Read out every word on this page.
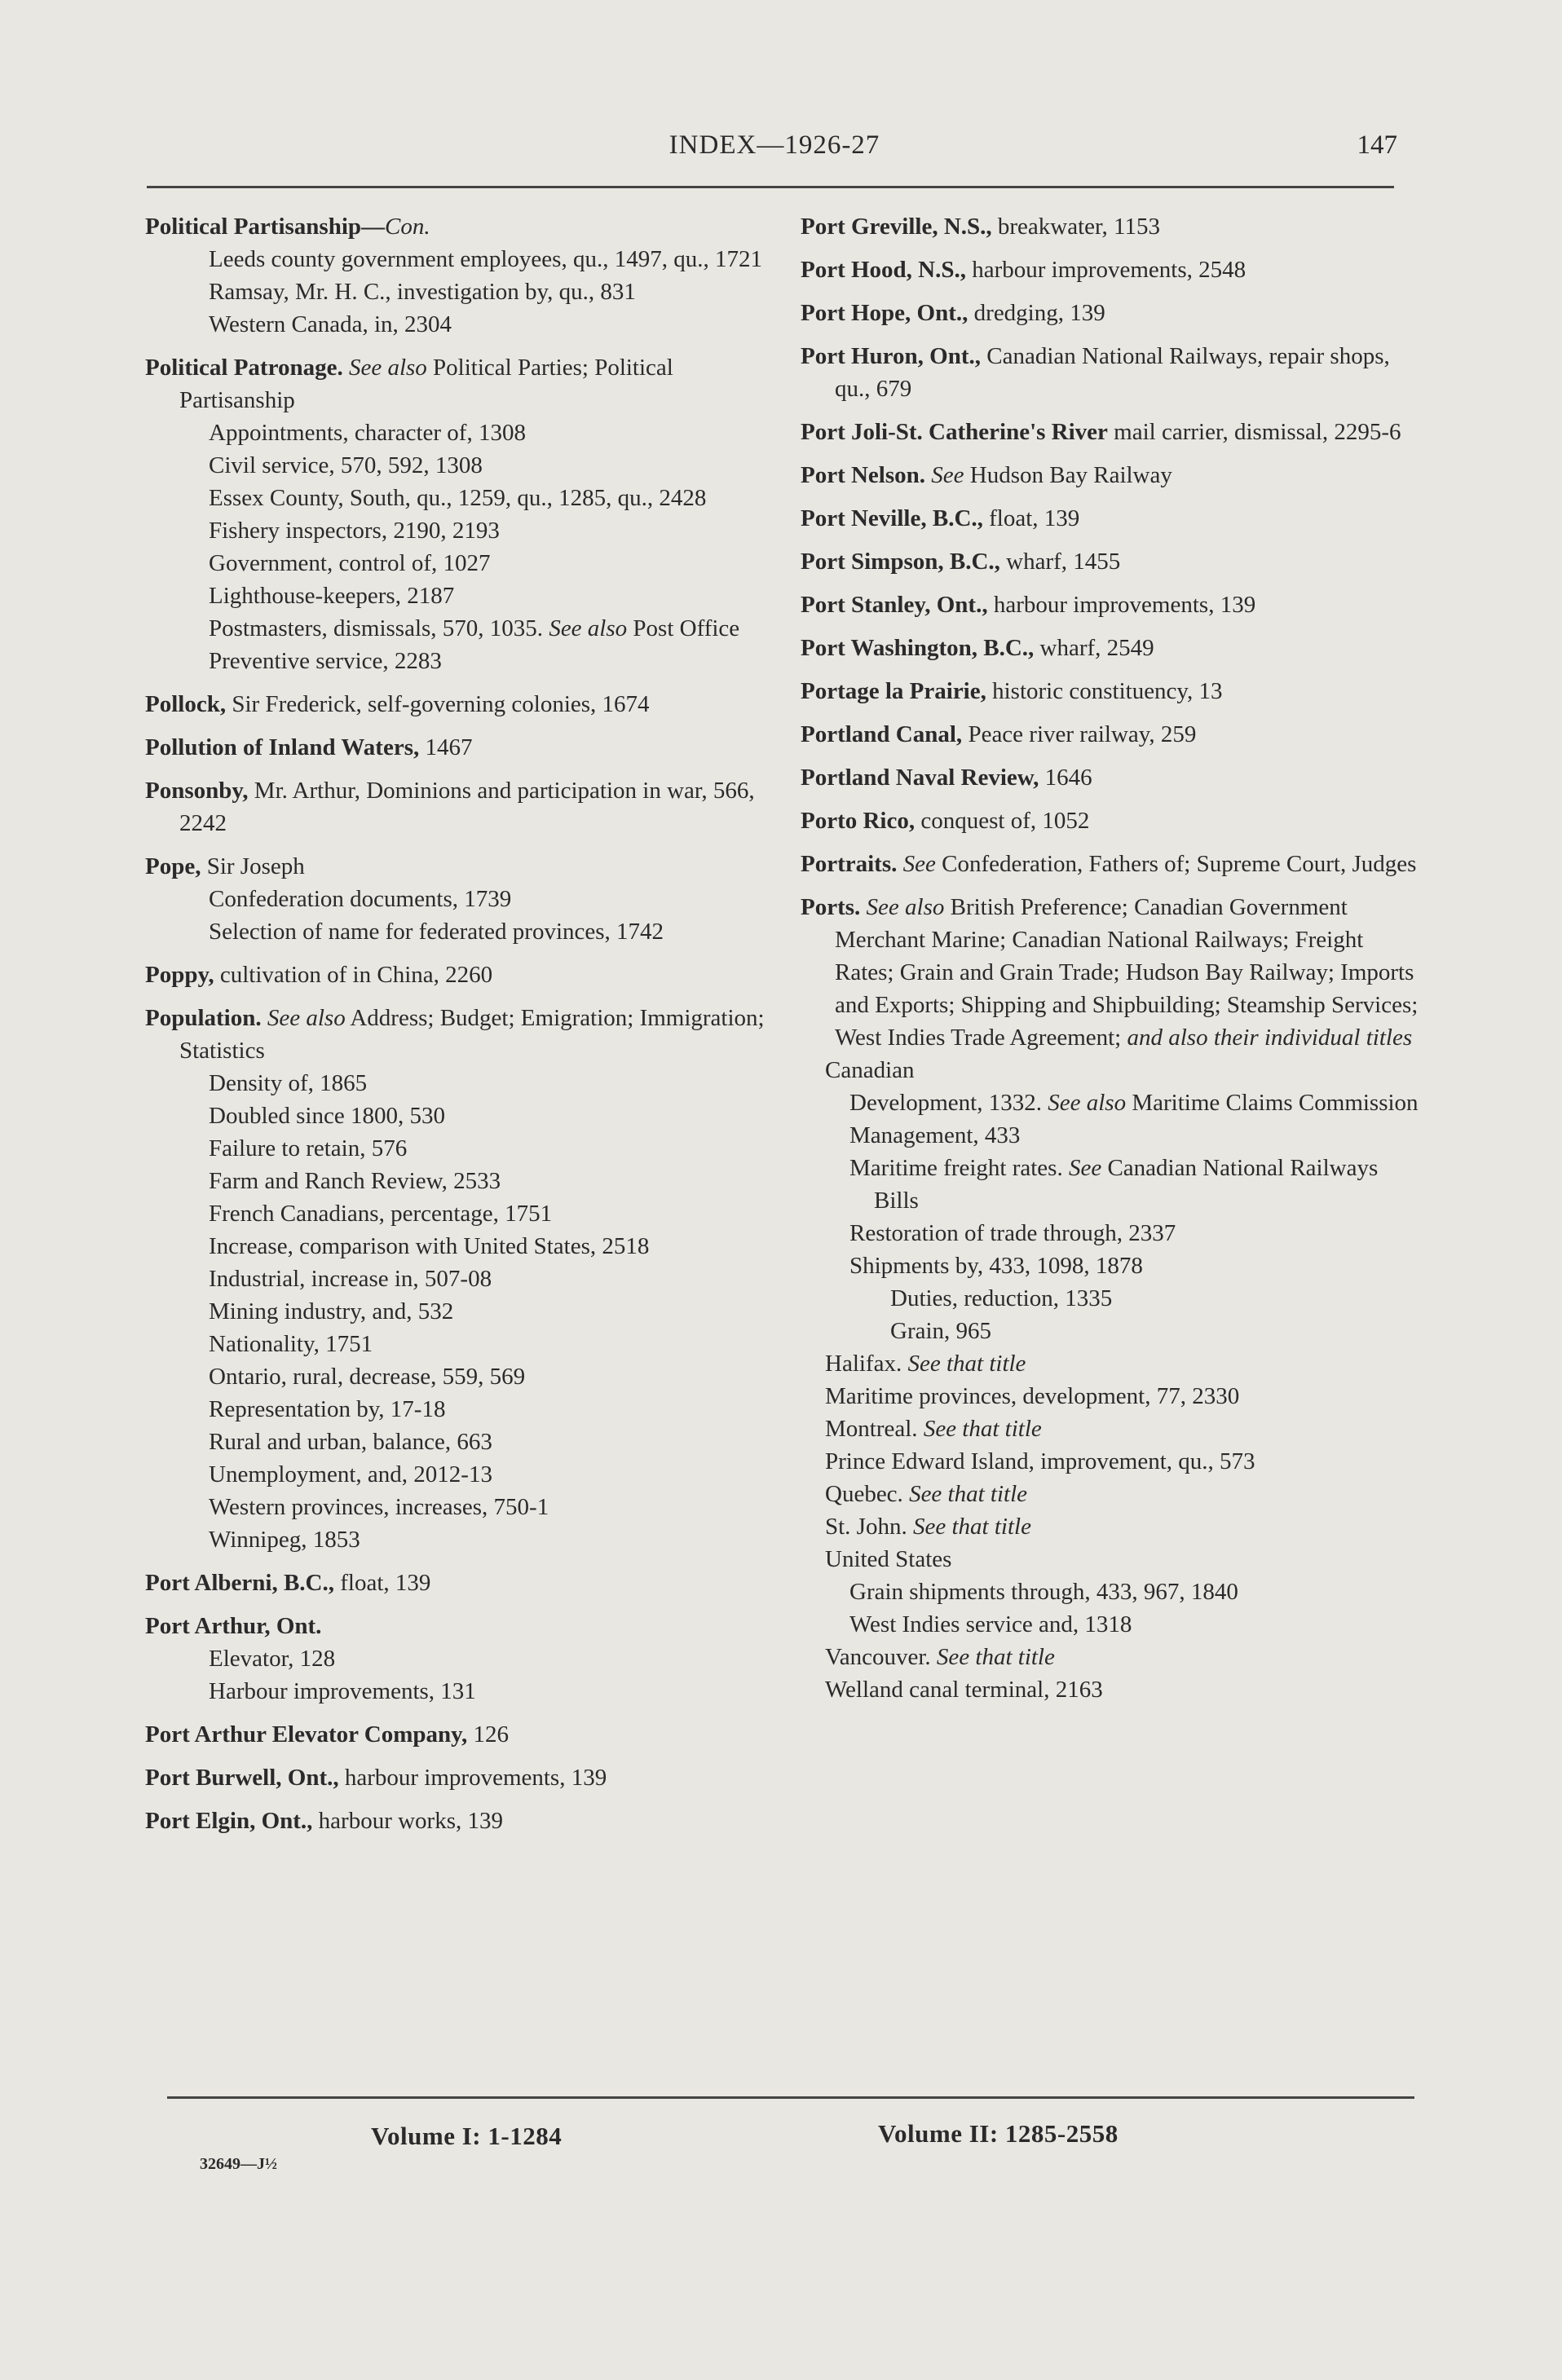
INDEX—1926-27	147
Political Partisanship—Con.
Leeds county government employees, qu., 1497, qu., 1721
Ramsay, Mr. H. C., investigation by, qu., 831
Western Canada, in, 2304
Political Patronage. See also Political Parties; Political Partisanship
Appointments, character of, 1308
Civil service, 570, 592, 1308
Essex County, South, qu., 1259, qu., 1285, qu., 2428
Fishery inspectors, 2190, 2193
Government, control of, 1027
Lighthouse-keepers, 2187
Postmasters, dismissals, 570, 1035. See also Post Office
Preventive service, 2283
Pollock, Sir Frederick, self-governing colonies, 1674
Pollution of Inland Waters, 1467
Ponsonby, Mr. Arthur, Dominions and participation in war, 566, 2242
Pope, Sir Joseph
Confederation documents, 1739
Selection of name for federated provinces, 1742
Poppy, cultivation of in China, 2260
Population. See also Address; Budget; Emigration; Immigration; Statistics
Density of, 1865
Doubled since 1800, 530
Failure to retain, 576
Farm and Ranch Review, 2533
French Canadians, percentage, 1751
Increase, comparison with United States, 2518
Industrial, increase in, 507-08
Mining industry, and, 532
Nationality, 1751
Ontario, rural, decrease, 559, 569
Representation by, 17-18
Rural and urban, balance, 663
Unemployment, and, 2012-13
Western provinces, increases, 750-1
Winnipeg, 1853
Port Alberni, B.C., float, 139
Port Arthur, Ont.
Elevator, 128
Harbour improvements, 131
Port Arthur Elevator Company, 126
Port Burwell, Ont., harbour improvements, 139
Port Elgin, Ont., harbour works, 139
Port Greville, N.S., breakwater, 1153
Port Hood, N.S., harbour improvements, 2548
Port Hope, Ont., dredging, 139
Port Huron, Ont., Canadian National Railways, repair shops, qu., 679
Port Joli-St. Catherine's River mail carrier, dismissal, 2295-6
Port Nelson. See Hudson Bay Railway
Port Neville, B.C., float, 139
Port Simpson, B.C., wharf, 1455
Port Stanley, Ont., harbour improvements, 139
Port Washington, B.C., wharf, 2549
Portage la Prairie, historic constituency, 13
Portland Canal, Peace river railway, 259
Portland Naval Review, 1646
Porto Rico, conquest of, 1052
Portraits. See Confederation, Fathers of; Supreme Court, Judges
Ports. See also British Preference; Canadian Government Merchant Marine; Canadian National Railways; Freight Rates; Grain and Grain Trade; Hudson Bay Railway; Imports and Exports; Shipping and Shipbuilding; Steamship Services; West Indies Trade Agreement; and also their individual titles
Canadian
Development, 1332. See also Maritime Claims Commission
Management, 433
Maritime freight rates. See Canadian National Railways Bills
Restoration of trade through, 2337
Shipments by, 433, 1098, 1878
Duties, reduction, 1335
Grain, 965
Halifax. See that title
Maritime provinces, development, 77, 2330
Montreal. See that title
Prince Edward Island, improvement, qu., 573
Quebec. See that title
St. John. See that title
United States
Grain shipments through, 433, 967, 1840
West Indies service and, 1318
Vancouver. See that title
Welland canal terminal, 2163
Volume I: 1-1284	Volume II: 1285-2558
32649—J½
